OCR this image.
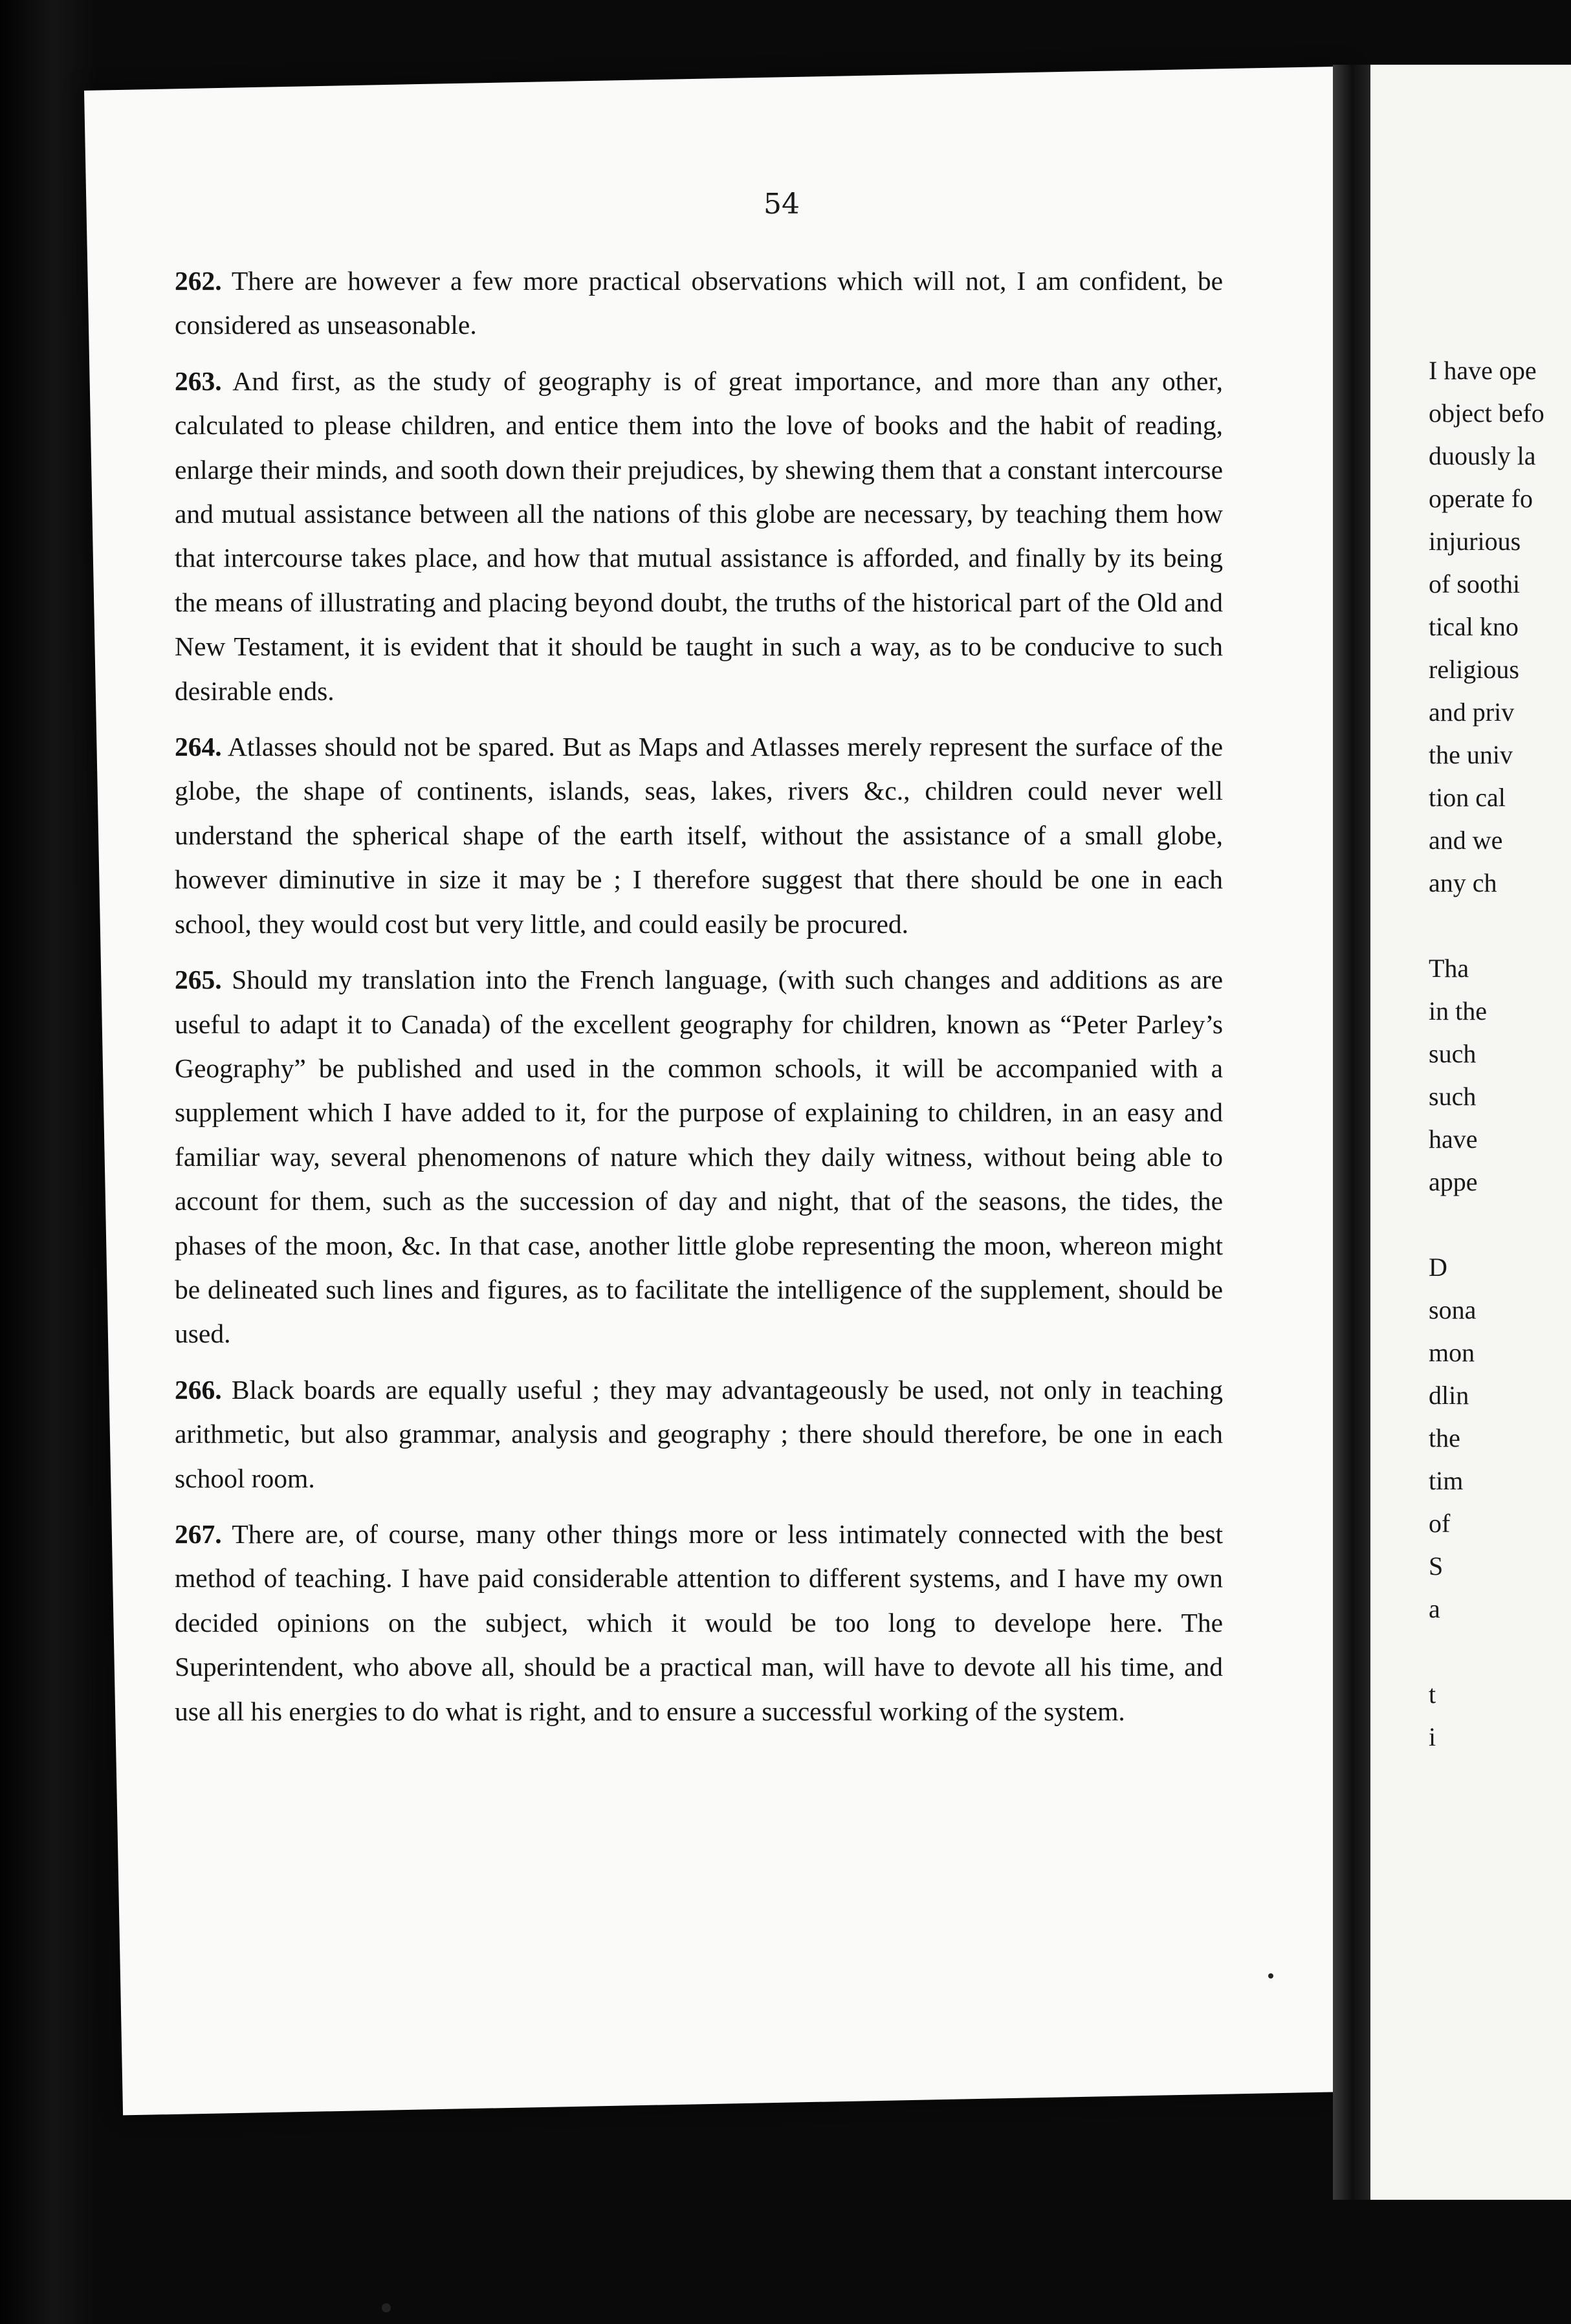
I have ope
object befo
duously la
operate fo
injurious
of soothi
tical kno
religious
and priv
the univ
tion cal
and we
any ch
Tha
in the
such
such
have
appe
D
sona
mon
dlin
the
tim
of
S
a
t
i
54

262. There are however a few more practical observations which will not, I am confident, be considered as unseasonable.

263. And first, as the study of geography is of great importance, and more than any other, calculated to please children, and entice them into the love of books and the habit of reading, enlarge their minds, and sooth down their prejudices, by shewing them that a constant intercourse and mutual assistance between all the nations of this globe are necessary, by teaching them how that intercourse takes place, and how that mutual assistance is afforded, and finally by its being the means of illustrating and placing beyond doubt, the truths of the historical part of the Old and New Testament, it is evident that it should be taught in such a way, as to be conducive to such desirable ends.

264. Atlasses should not be spared. But as Maps and Atlasses merely represent the surface of the globe, the shape of continents, islands, seas, lakes, rivers &c., children could never well understand the spherical shape of the earth itself, without the assistance of a small globe, however diminutive in size it may be ; I therefore suggest that there should be one in each school, they would cost but very little, and could easily be procured.

265. Should my translation into the French language, (with such changes and additions as are useful to adapt it to Canada) of the excellent geography for children, known as “Peter Parley’s Geography” be published and used in the common schools, it will be accompanied with a supplement which I have added to it, for the purpose of explaining to children, in an easy and familiar way, several phenomenons of nature which they daily witness, without being able to account for them, such as the succession of day and night, that of the seasons, the tides, the phases of the moon, &c. In that case, another little globe representing the moon, whereon might be delineated such lines and figures, as to facilitate the intelligence of the supplement, should be used.

266. Black boards are equally useful ; they may advantageously be used, not only in teaching arithmetic, but also grammar, analysis and geography ; there should therefore, be one in each school room.

267. There are, of course, many other things more or less intimately connected with the best method of teaching. I have paid considerable attention to different systems, and I have my own decided opinions on the subject, which it would be too long to develope here. The Superintendent, who above all, should be a practical man, will have to devote all his time, and use all his energies to do what is right, and to ensure a successful working of the system.
